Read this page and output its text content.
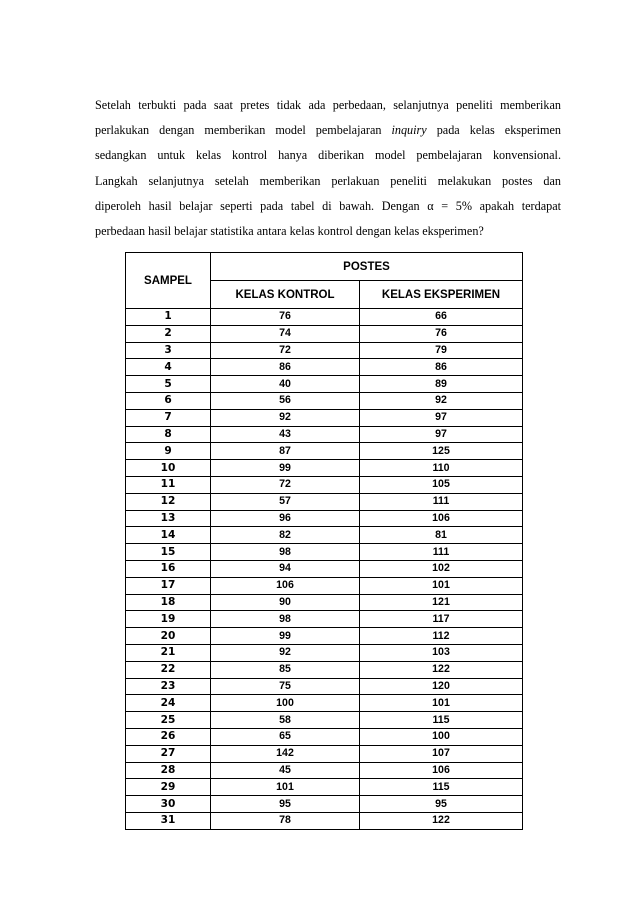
Setelah terbukti pada saat pretes tidak ada perbedaan, selanjutnya peneliti memberikan
perlakukan dengan memberikan model pembelajaran inquiry pada kelas eksperimen
sedangkan untuk kelas kontrol hanya diberikan model pembelajaran konvensional.
Langkah selanjutnya setelah memberikan perlakuan peneliti melakukan postes dan
diperoleh hasil belajar seperti pada tabel di bawah. Dengan α = 5% apakah terdapat
perbedaan hasil belajar statistika antara kelas kontrol dengan kelas eksperimen?
SAMPEL	POSTES	
	KELAS KONTROL	KELAS EKSPERIMEN
1	76	66
2	74	76
3	72	79
4	86	86
5	40	89
6	56	92
7	92	97
8	43	97
9	87	125
10	99	110
11	72	105
12	57	111
13	96	106
14	82	81
15	98	111
16	94	102
17	106	101
18	90	121
19	98	117
20	99	112
21	92	103
22	85	122
23	75	120
24	100	101
25	58	115
26	65	100
27	142	107
28	45	106
29	101	115
30	95	95
31	78	122
